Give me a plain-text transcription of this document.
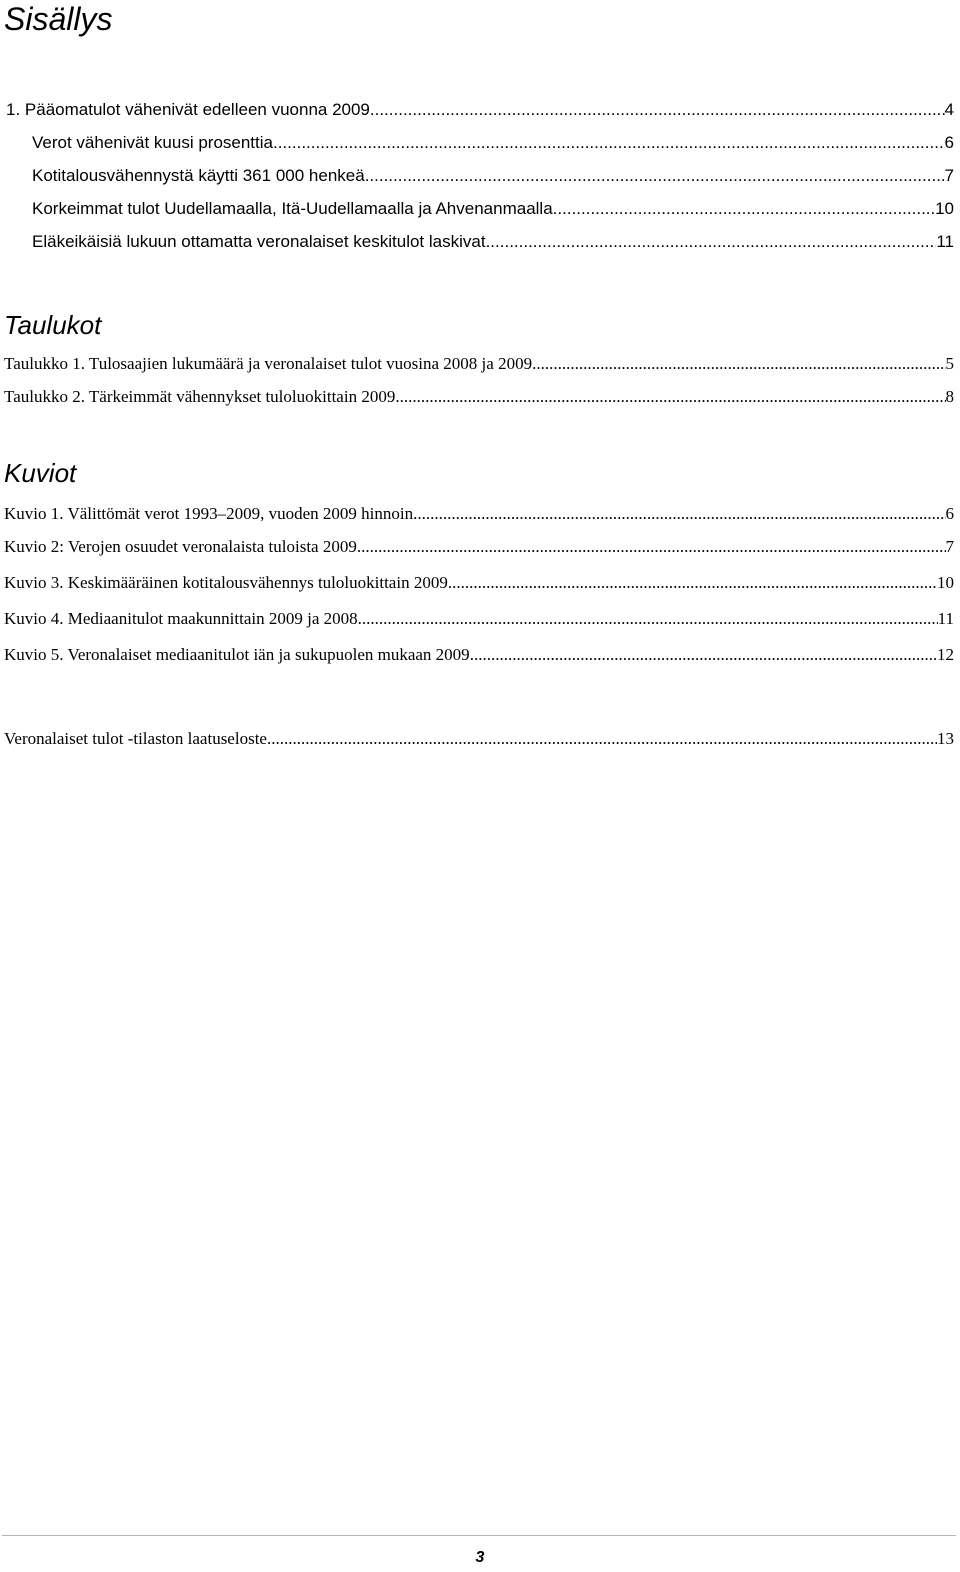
Sisällys
1. Pääomatulot vähenivät edelleen vuonna 2009 .....	4
Verot vähenivät kuusi prosenttia .....	6
Kotitalousvähennystä käytti 361 000 henkeä .....	7
Korkeimmat tulot Uudellamaalla, Itä-Uudellamaalla ja Ahvenanmaalla .....	10
Eläkeikäisiä lukuun ottamatta veronalaiset keskitulot laskivat .....	11
Taulukot
Taulukko 1. Tulosaajien lukumäärä ja veronalaiset tulot vuosina 2008 ja 2009 .....	5
Taulukko 2. Tärkeimmät vähennykset tuloluokittain 2009 .....	8
Kuviot
Kuvio 1. Välittömät verot 1993–2009, vuoden 2009 hinnoin .....	6
Kuvio 2: Verojen osuudet veronalaista tuloista 2009 .....	7
Kuvio 3. Keskimääräinen kotitalousvähennys tuloluokittain 2009 .....	10
Kuvio 4. Mediaanitulot maakunnittain 2009 ja 2008 .....	11
Kuvio 5. Veronalaiset mediaanitulot iän ja sukupuolen mukaan 2009 .....	12
Veronalaiset tulot -tilaston laatuseloste .....	13
3
